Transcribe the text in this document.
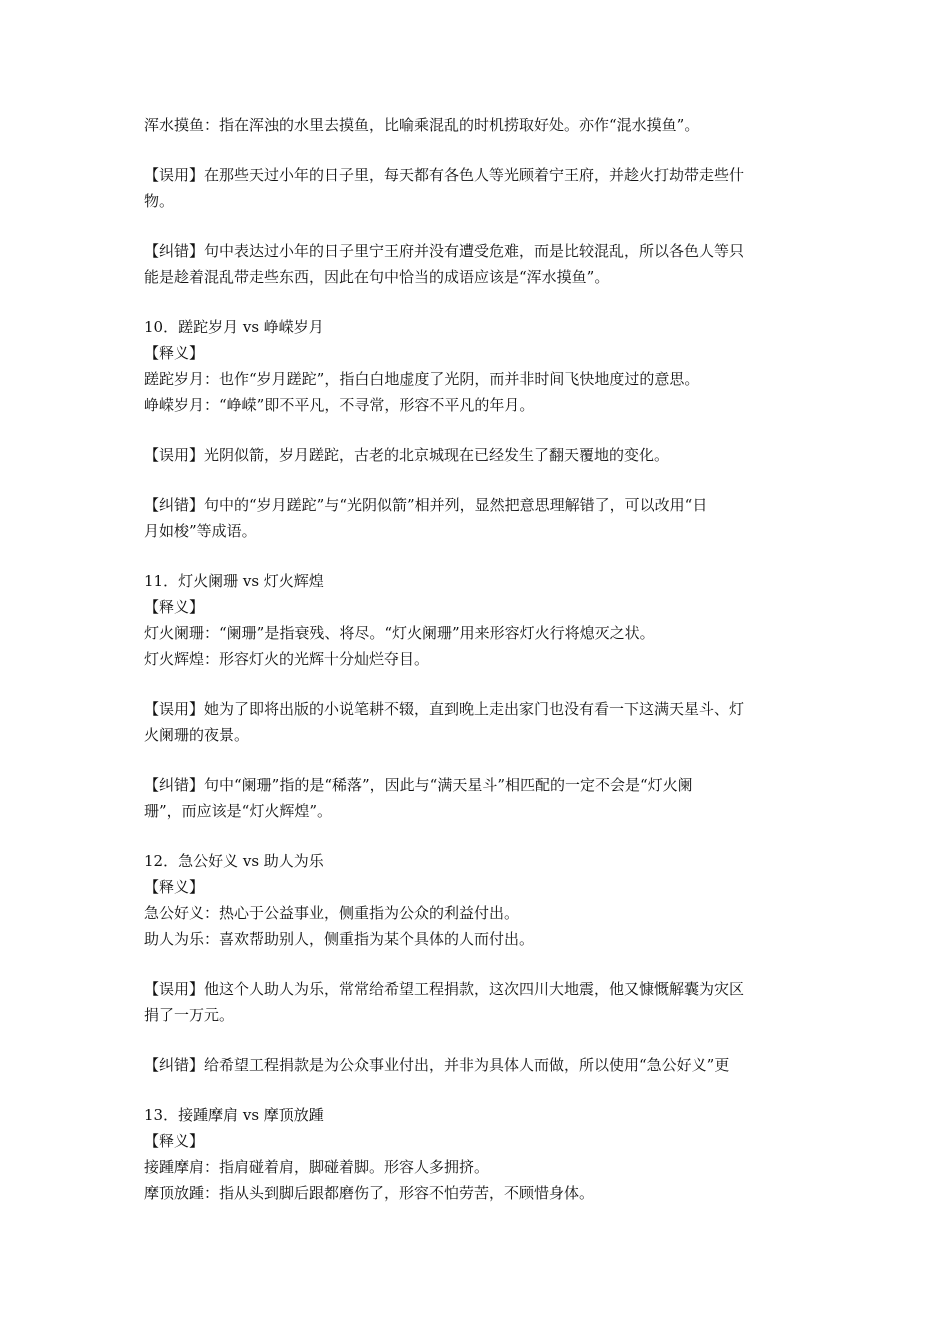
浑水摸鱼：指在浑浊的水里去摸鱼，比喻乘混乱的时机捞取好处。亦作“混水摸鱼”。

【误用】在那些天过小年的日子里，每天都有各色人等光顾着宁王府，并趁火打劫带走些什
物。

【纠错】句中表达过小年的日子里宁王府并没有遭受危难，而是比较混乱，所以各色人等只
能是趁着混乱带走些东西，因此在句中恰当的成语应该是“浑水摸鱼”。

10．蹉跎岁月 vs 峥嵘岁月

【释义】

蹉跎岁月：也作“岁月蹉跎”，指白白地虚度了光阴，而并非时间飞快地度过的意思。

峥嵘岁月：“峥嵘”即不平凡，不寻常，形容不平凡的年月。

【误用】光阴似箭，岁月蹉跎，古老的北京城现在已经发生了翻天覆地的变化。

【纠错】句中的“岁月蹉跎”与“光阴似箭”相并列，显然把意思理解错了，可以改用“日
月如梭”等成语。

11．灯火阑珊 vs 灯火辉煌

【释义】

灯火阑珊：“阑珊”是指衰残、将尽。“灯火阑珊”用来形容灯火行将熄灭之状。

灯火辉煌：形容灯火的光辉十分灿烂夺目。

【误用】她为了即将出版的小说笔耕不辍，直到晚上走出家门也没有看一下这满天星斗、灯
火阑珊的夜景。

【纠错】句中“阑珊”指的是“稀落”，因此与“满天星斗”相匹配的一定不会是“灯火阑
珊”，而应该是“灯火辉煌”。

12．急公好义 vs 助人为乐

【释义】

急公好义：热心于公益事业，侧重指为公众的利益付出。

助人为乐：喜欢帮助别人，侧重指为某个具体的人而付出。

【误用】他这个人助人为乐，常常给希望工程捐款，这次四川大地震，他又慷慨解囊为灾区
捐了一万元。

【纠错】给希望工程捐款是为公众事业付出，并非为具体人而做，所以使用“急公好义”更

13．接踵摩肩 vs 摩顶放踵

【释义】

接踵摩肩：指肩碰着肩，脚碰着脚。形容人多拥挤。

摩顶放踵：指从头到脚后跟都磨伤了，形容不怕劳苦，不顾惜身体。
